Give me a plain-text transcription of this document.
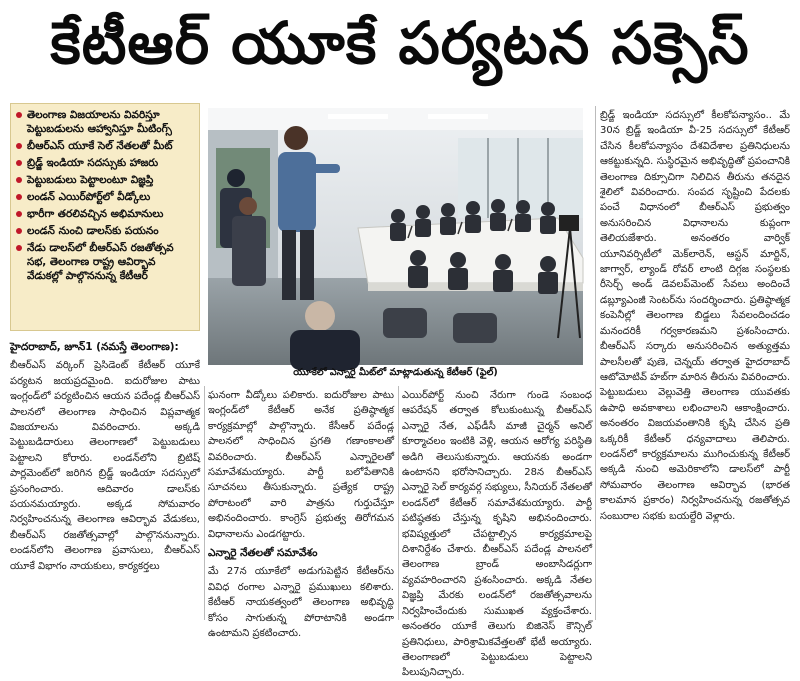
కేటీఆర్ యూకే పర్యటన సక్సెస్
తెలంగాణ విజయాలను వివరిస్తూ పెట్టుబడులను ఆహ్వానిస్తూ మీటింగ్స్
బీఆర్ఎస్ యూకే సెల్ నేతలతో మీట్
బ్రిడ్జ్ ఇండియా సదస్సుకు హాజరు
పెట్టుబడులు పెట్టాలంటూ విజ్ఞప్తి
లండన్ ఎయిర్‌పోర్ట్‌లో వీడ్కోలు
భారీగా తరలివచ్చిన అభిమానులు
లండన్ నుంచి డాలస్‌కు పయనం
నేడు డాలస్‌లో బీఆర్ఎస్ రజతోత్సవ సభ, తెలంగాణ రాష్ట్ర ఆవిర్భావ వేడుకల్లో పాల్గొననున్న కేటీఆర్
యూకేలో ఎన్నారై మీట్‌లో మాట్లాడుతున్న కేటీఆర్ (ఫైల్)

హైదరాబాద్, జూన్1 (నమస్తే తెలంగాణ):
బీఆర్ఎస్ వర్కింగ్ ప్రెసిడెంట్ కేటీఆర్ యూకే పర్యటన జయప్రదమైంది. ఐదురోజుల పాటు ఇంగ్లండ్‌లో పర్యటించిన ఆయన పదేండ్ల బీఆర్ఎస్ పాలనలో తెలంగాణ సాధించిన విప్లవాత్మక విజయాలను వివరించారు. అక్కడి పెట్టుబడిదారులు తెలంగాణలో పెట్టుబడులు పెట్టాలని కోరారు. లండన్‌లోని బ్రిటిష్ పార్లమెంట్‌లో జరిగిన బ్రిడ్జ్ ఇండియా సదస్సులో ప్రసంగించారు. ఆదివారం డాలస్‌కు పయనమయ్యారు. అక్కడ సోమవారం నిర్వహించనున్న తెలంగాణ ఆవిర్భావ వేడుకలు, బీఆర్ఎస్ రజతోత్సవాల్లో పాల్గొననున్నారు. లండన్‌లోని తెలంగాణ ప్రవాసులు, బీఆర్ఎస్ యూకే విభాగం నాయకులు, కార్యకర్తలు

ఘనంగా వీడ్కోలు పలికారు. ఐదురోజుల పాటు ఇంగ్లండ్‌లో కేటీఆర్ అనేక ప్రతిష్ఠాత్మక కార్యక్రమాల్లో పాల్గొన్నారు. కేసీఆర్ పదేండ్ల పాలనలో సాధించిన ప్రగతి గణాంకాలతో వివరించారు. బీఆర్ఎస్ ఎన్నారైలతో సమావేశమయ్యారు. పార్టీ బలోపేతానికి సూచనలు తీసుకున్నారు. ప్రత్యేక రాష్ట్ర పోరాటంలో వారి పాత్రను గుర్తుచేస్తూ అభినందించారు. కాంగ్రెస్ ప్రభుత్వ తిరోగమన విధానాలను ఎండగట్టారు.

ఎన్నారై నేతలతో సమావేశం

మే 27న యూకేలో అడుగుపెట్టిన కేటీఆర్‌ను వివిధ రంగాల ఎన్నారై ప్రముఖులు కలిశారు. కేటీఆర్ నాయకత్వంలో తెలంగాణ అభివృద్ధి కోసం సాగుతున్న పోరాటానికి అండగా ఉంటామని ప్రకటించారు.

ఎయిర్‌పోర్ట్ నుంచి నేరుగా గుండె సంబంధ ఆపరేషన్ తర్వాత కోలుకుంటున్న బీఆర్ఎస్ ఎన్నారై నేత, ఎఫ్‌డీసీ మాజీ చైర్మన్ అనిల్ కూర్మాచలం ఇంటికి వెళ్లి, ఆయన ఆరోగ్య పరిస్థితి అడిగి తెలుసుకున్నారు. ఆయనకు అండగా ఉంటానని భరోసానిచ్చారు. 28న బీఆర్ఎస్ ఎన్నారై సెల్ కార్యవర్గ సభ్యులు, సీనియర్ నేతలతో లండన్‌లో కేటీఆర్ సమావేశమయ్యారు. పార్టీ పటిష్ఠతకు చేస్తున్న కృషిని అభినందించారు. భవిష్యత్తులో చేపట్టాల్సిన కార్యక్రమాలపై దిశానిర్దేశం చేశారు. బీఆర్ఎస్ పదేండ్ల పాలనలో తెలంగాణ బ్రాండ్ అంబాసిడర్లుగా వ్యవహరించారని ప్రశంసించారు. అక్కడి నేతల విజ్ఞప్తి మేరకు లండన్‌లో రజతోత్సవాలను నిర్వహించేందుకు సుముఖత వ్యక్తంచేశారు. అనంతరం యూకే తెలుగు బిజినెస్ కౌన్సిల్ ప్రతినిధులు, పారిశ్రామికవేత్తలతో భేటీ అయ్యారు. తెలంగాణలో పెట్టుబడులు పెట్టాలని పిలుపునిచ్చారు.

బ్రిడ్జ్ ఇండియా సదస్సులో కీలకోపన్యాసం.. మే 30న బ్రిడ్జ్ ఇండియా వీ-25 సదస్సులో కేటీఆర్ చేసిన కీలకోపన్యాసం దేశవిదేశాల ప్రతినిధులను ఆకట్టుకున్నది. సుస్థిరమైన అభివృద్ధితో ప్రపంచానికి తెలంగాణ దిక్సూచిగా నిలిచిన తీరును తనదైన శైలిలో వివరించారు. సంపద సృష్టించి పేదలకు పంచే విధానంలో బీఆర్ఎస్ ప్రభుత్వం అనుసరించిన విధానాలను కుప్లంగా తెలియజేశారు. అనంతరం వార్విక్ యూనివర్సిటీలో మెక్‌లారెన్, ఆస్టన్ మార్టిన్, జాగ్వార్, ల్యాండ్ రోవర్ లాంటి దిగ్గజ సంస్థలకు రీసెర్చ్ అండ్ డెవలప్‌మెంట్ సేవలు అందించే డబ్ల్యూఎంజీ సెంటర్‌ను సందర్శించారు. ప్రతిష్ఠాత్మక కంపెనీల్లో తెలంగాణ బిడ్డలు సేవలందించడం మనందరికీ గర్వకారణమని ప్రశంసించారు. బీఆర్ఎస్ సర్కారు అనుసరించిన అత్యుత్తమ పాలసీలతో పుణె, చెన్నయ్ తర్వాత హైదరాబాద్ ఆటోమోటివ్ హబ్‌గా మారిన తీరును వివరించారు. పెట్టుబడులు వెల్లువెత్తి తెలంగాణ యువతకు ఉపాధి అవకాశాలు లభించాలని ఆకాంక్షించారు. అనంతరం విజయవంతానికి కృషి చేసిన ప్రతి ఒక్కరికీ కేటీఆర్ ధన్యవాదాలు తెలిపారు. లండన్‌లో కార్యక్రమాలను ముగించుకున్న కేటీఆర్ అక్కడి నుంచి అమెరికాలోని డాలస్‌లో పార్టీ సోమవారం తెలంగాణ ఆవిర్భావ (భారత కాలమాన ప్రకారం) నిర్వహించనున్న రజతోత్సవ సంబురాల సభకు బయల్దేరి వెళ్లారు.
